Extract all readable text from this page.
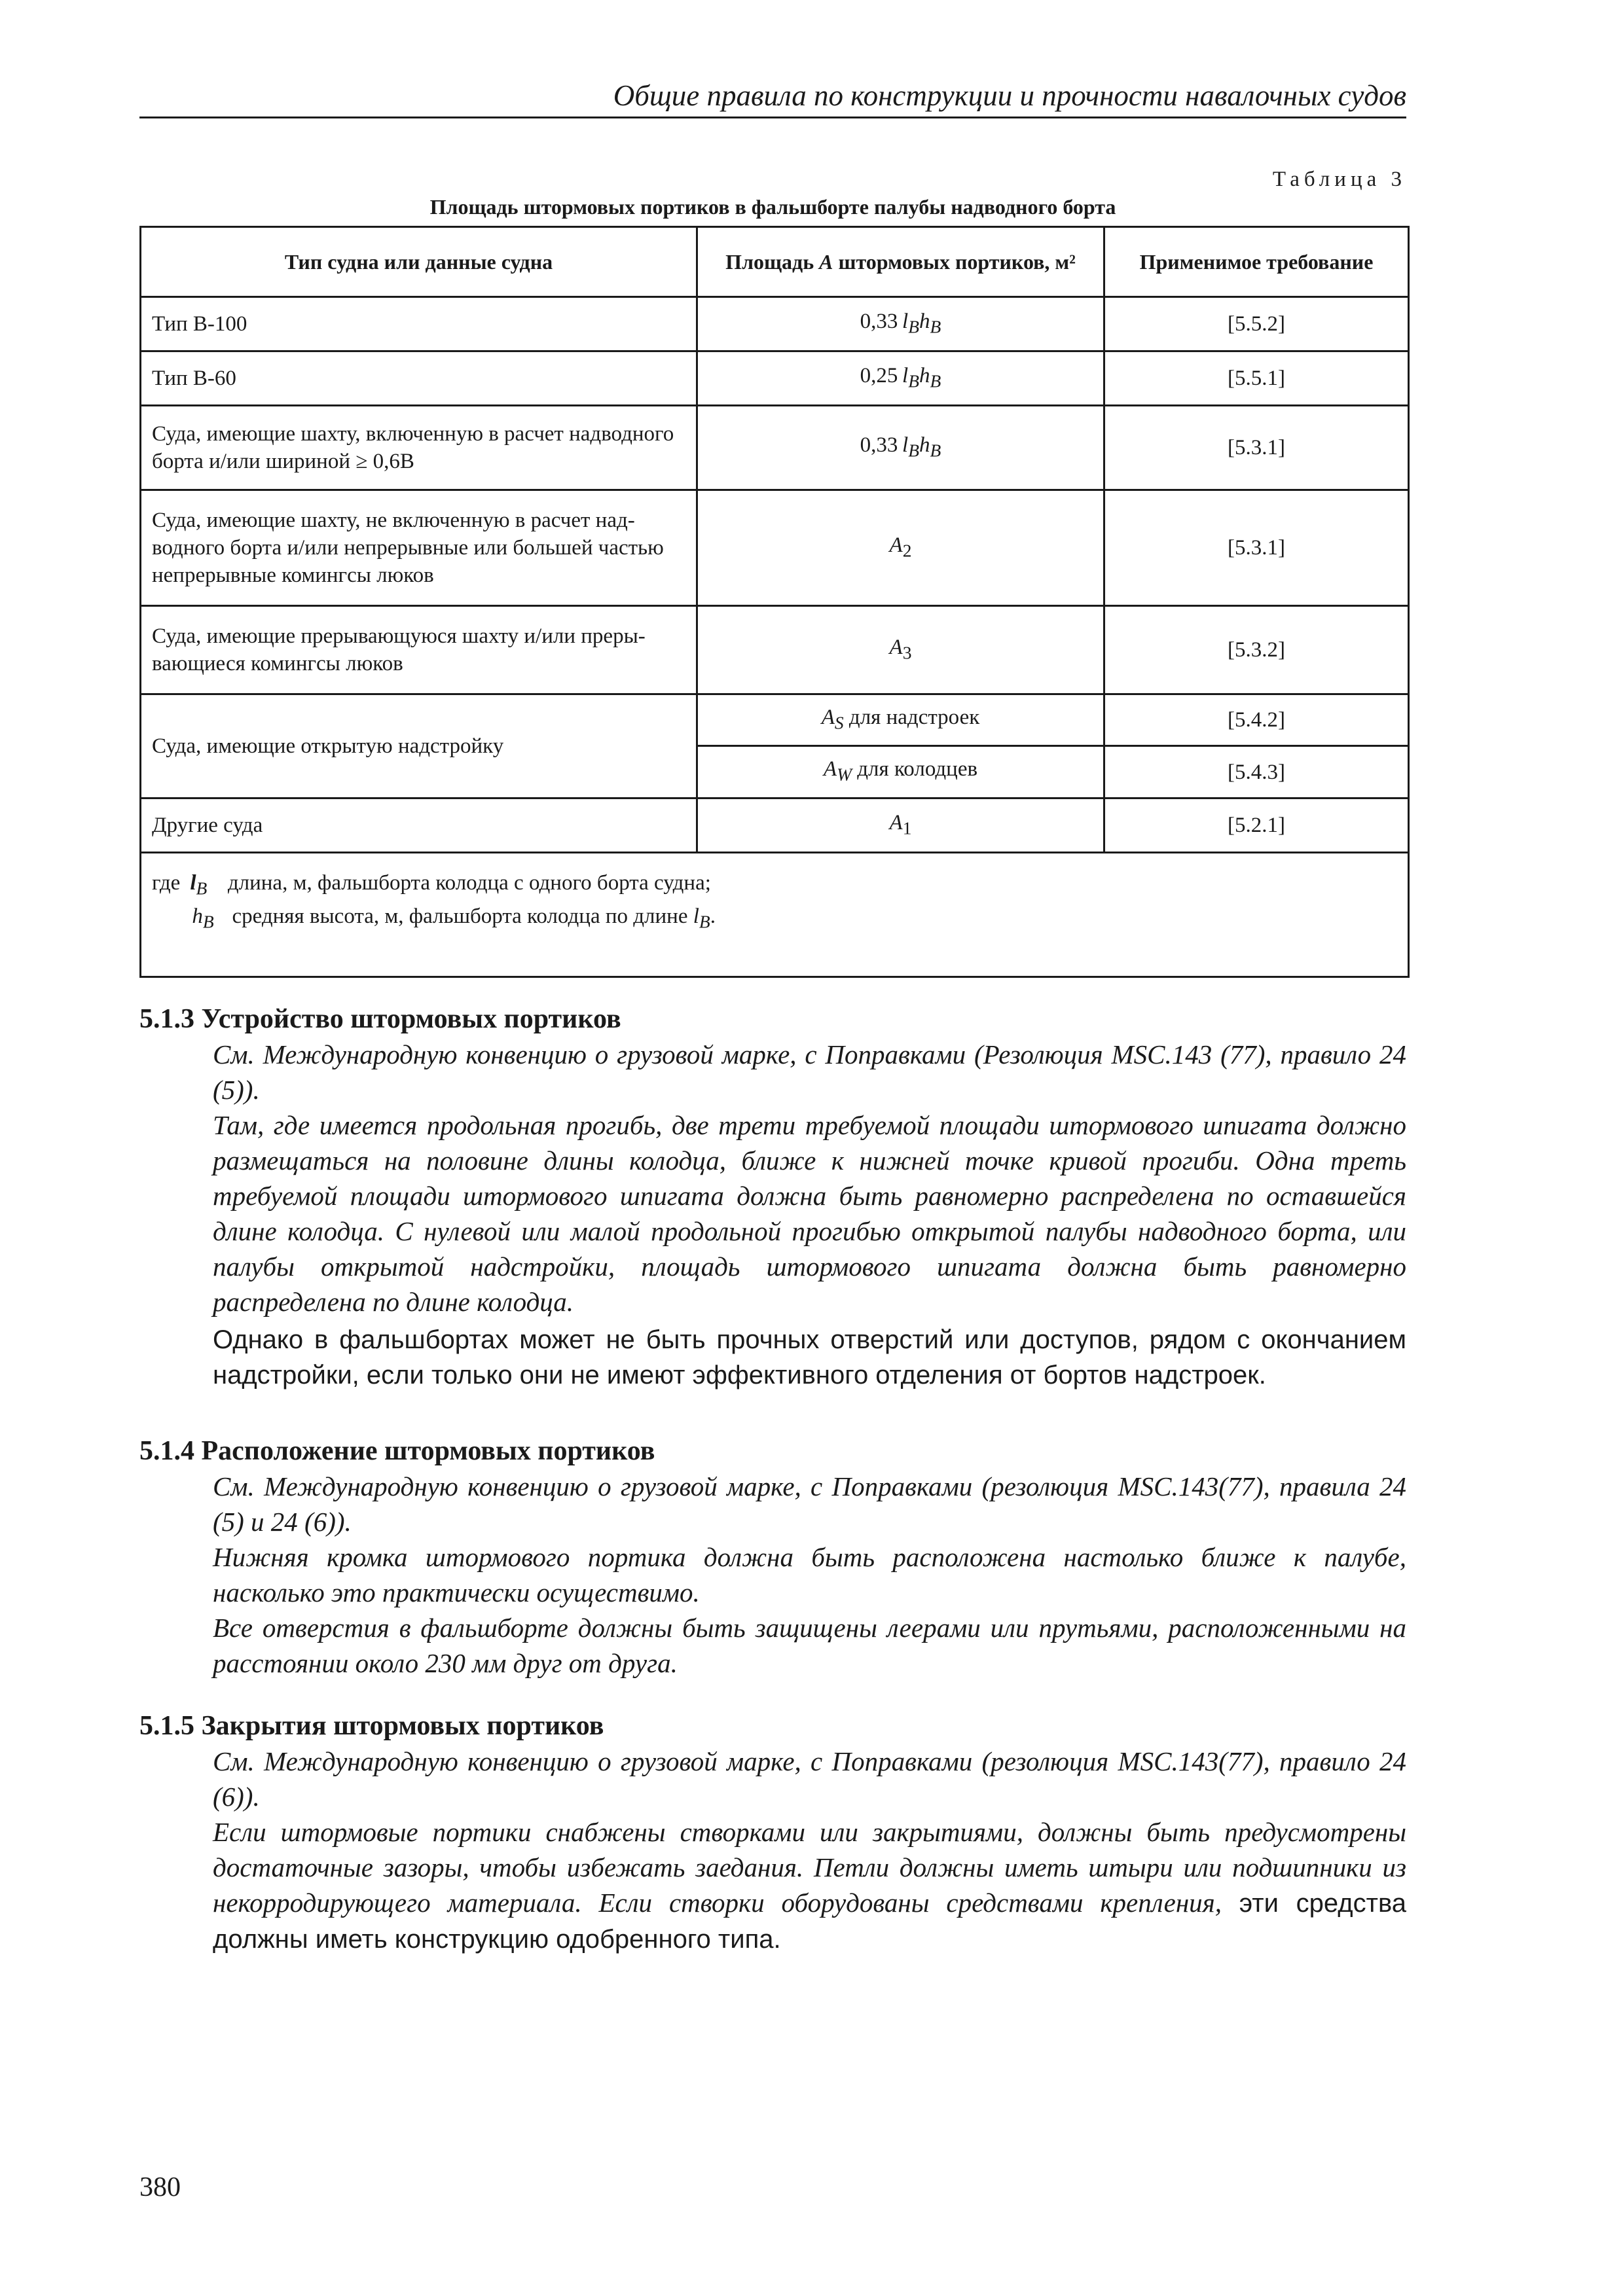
Общие правила по конструкции и прочности навалочных судов
Таблица 3
Площадь штормовых портиков в фальшборте палубы надводного борта
Тип судна или данные судна	Площадь A штормовых портиков, м²	Применимое требование
Тип B-100	0,33  $l_Bh_B$	[5.5.2]
Тип B-60	0,25  $l_Bh_B$	[5.5.1]
Суда, имеющие шахту, включенную в расчет надводного борта и/или шириной ≥ 0,6B	0,33  $l_Bh_B$	[5.3.1]
Суда, имеющие шахту, не включенную в расчет надводного борта и/или непрерывные или большей частью непрерывные комингсы люков	$A_2$	[5.3.1]
Суда, имеющие прерывающуюся шахту и/или прерывающиеся комингсы люков	$A_3$	[5.3.2]
Суда, имеющие открытую надстройку	$A_S$ для надстроек	[5.4.2]
	$A_W$ для колодцев	[5.4.3]
Другие суда	$A_1$	[5.2.1]

где $l_B$ длина, м, фальшборта колодца с одного борта судна;
$h_B$ средняя высота, м, фальшборта колодца по длине $l_B$.		

5.1.3 Устройство штормовых портиков

См. Международную конвенцию о грузовой марке, с Поправками (Резолюция MSC.143 (77), правило 24 (5)).

Там, где имеется продольная прогибь, две трети требуемой площади штормового шпигата должно размещаться на половине длины колодца, ближе к нижней точке кривой прогиби. Одна треть требуемой площади штормового шпигата должна быть равномерно распределена по оставшейся длине колодца. С нулевой или малой продольной прогибью открытой палубы надводного борта, или палубы открытой надстройки, площадь штормового шпигата должна быть равномерно распределена по длине колодца.

Однако в фальшбортах может не быть прочных отверстий или доступов, рядом с окончанием надстройки, если только они не имеют эффективного отделения от бортов надстроек.

5.1.4 Расположение штормовых портиков

См. Международную конвенцию о грузовой марке, с Поправками (резолюция MSC.143(77), правила 24 (5) и 24 (6)).

Нижняя кромка штормового портика должна быть расположена настолько ближе к палубе, насколько это практически осуществимо.

Все отверстия в фальшборте должны быть защищены леерами или прутьями, расположенными на расстоянии около 230 мм друг от друга.

5.1.5 Закрытия штормовых портиков

См. Международную конвенцию о грузовой марке, с Поправками (резолюция MSC.143(77), правило 24 (6)).

Если штормовые портики снабжены створками или закрытиями, должны быть предусмотрены достаточные зазоры, чтобы избежать заедания. Петли должны иметь штыри или подшипники из некорродирующего материала. Если створки оборудованы средствами крепления, эти средства должны иметь конструкцию одобренного типа.

380
